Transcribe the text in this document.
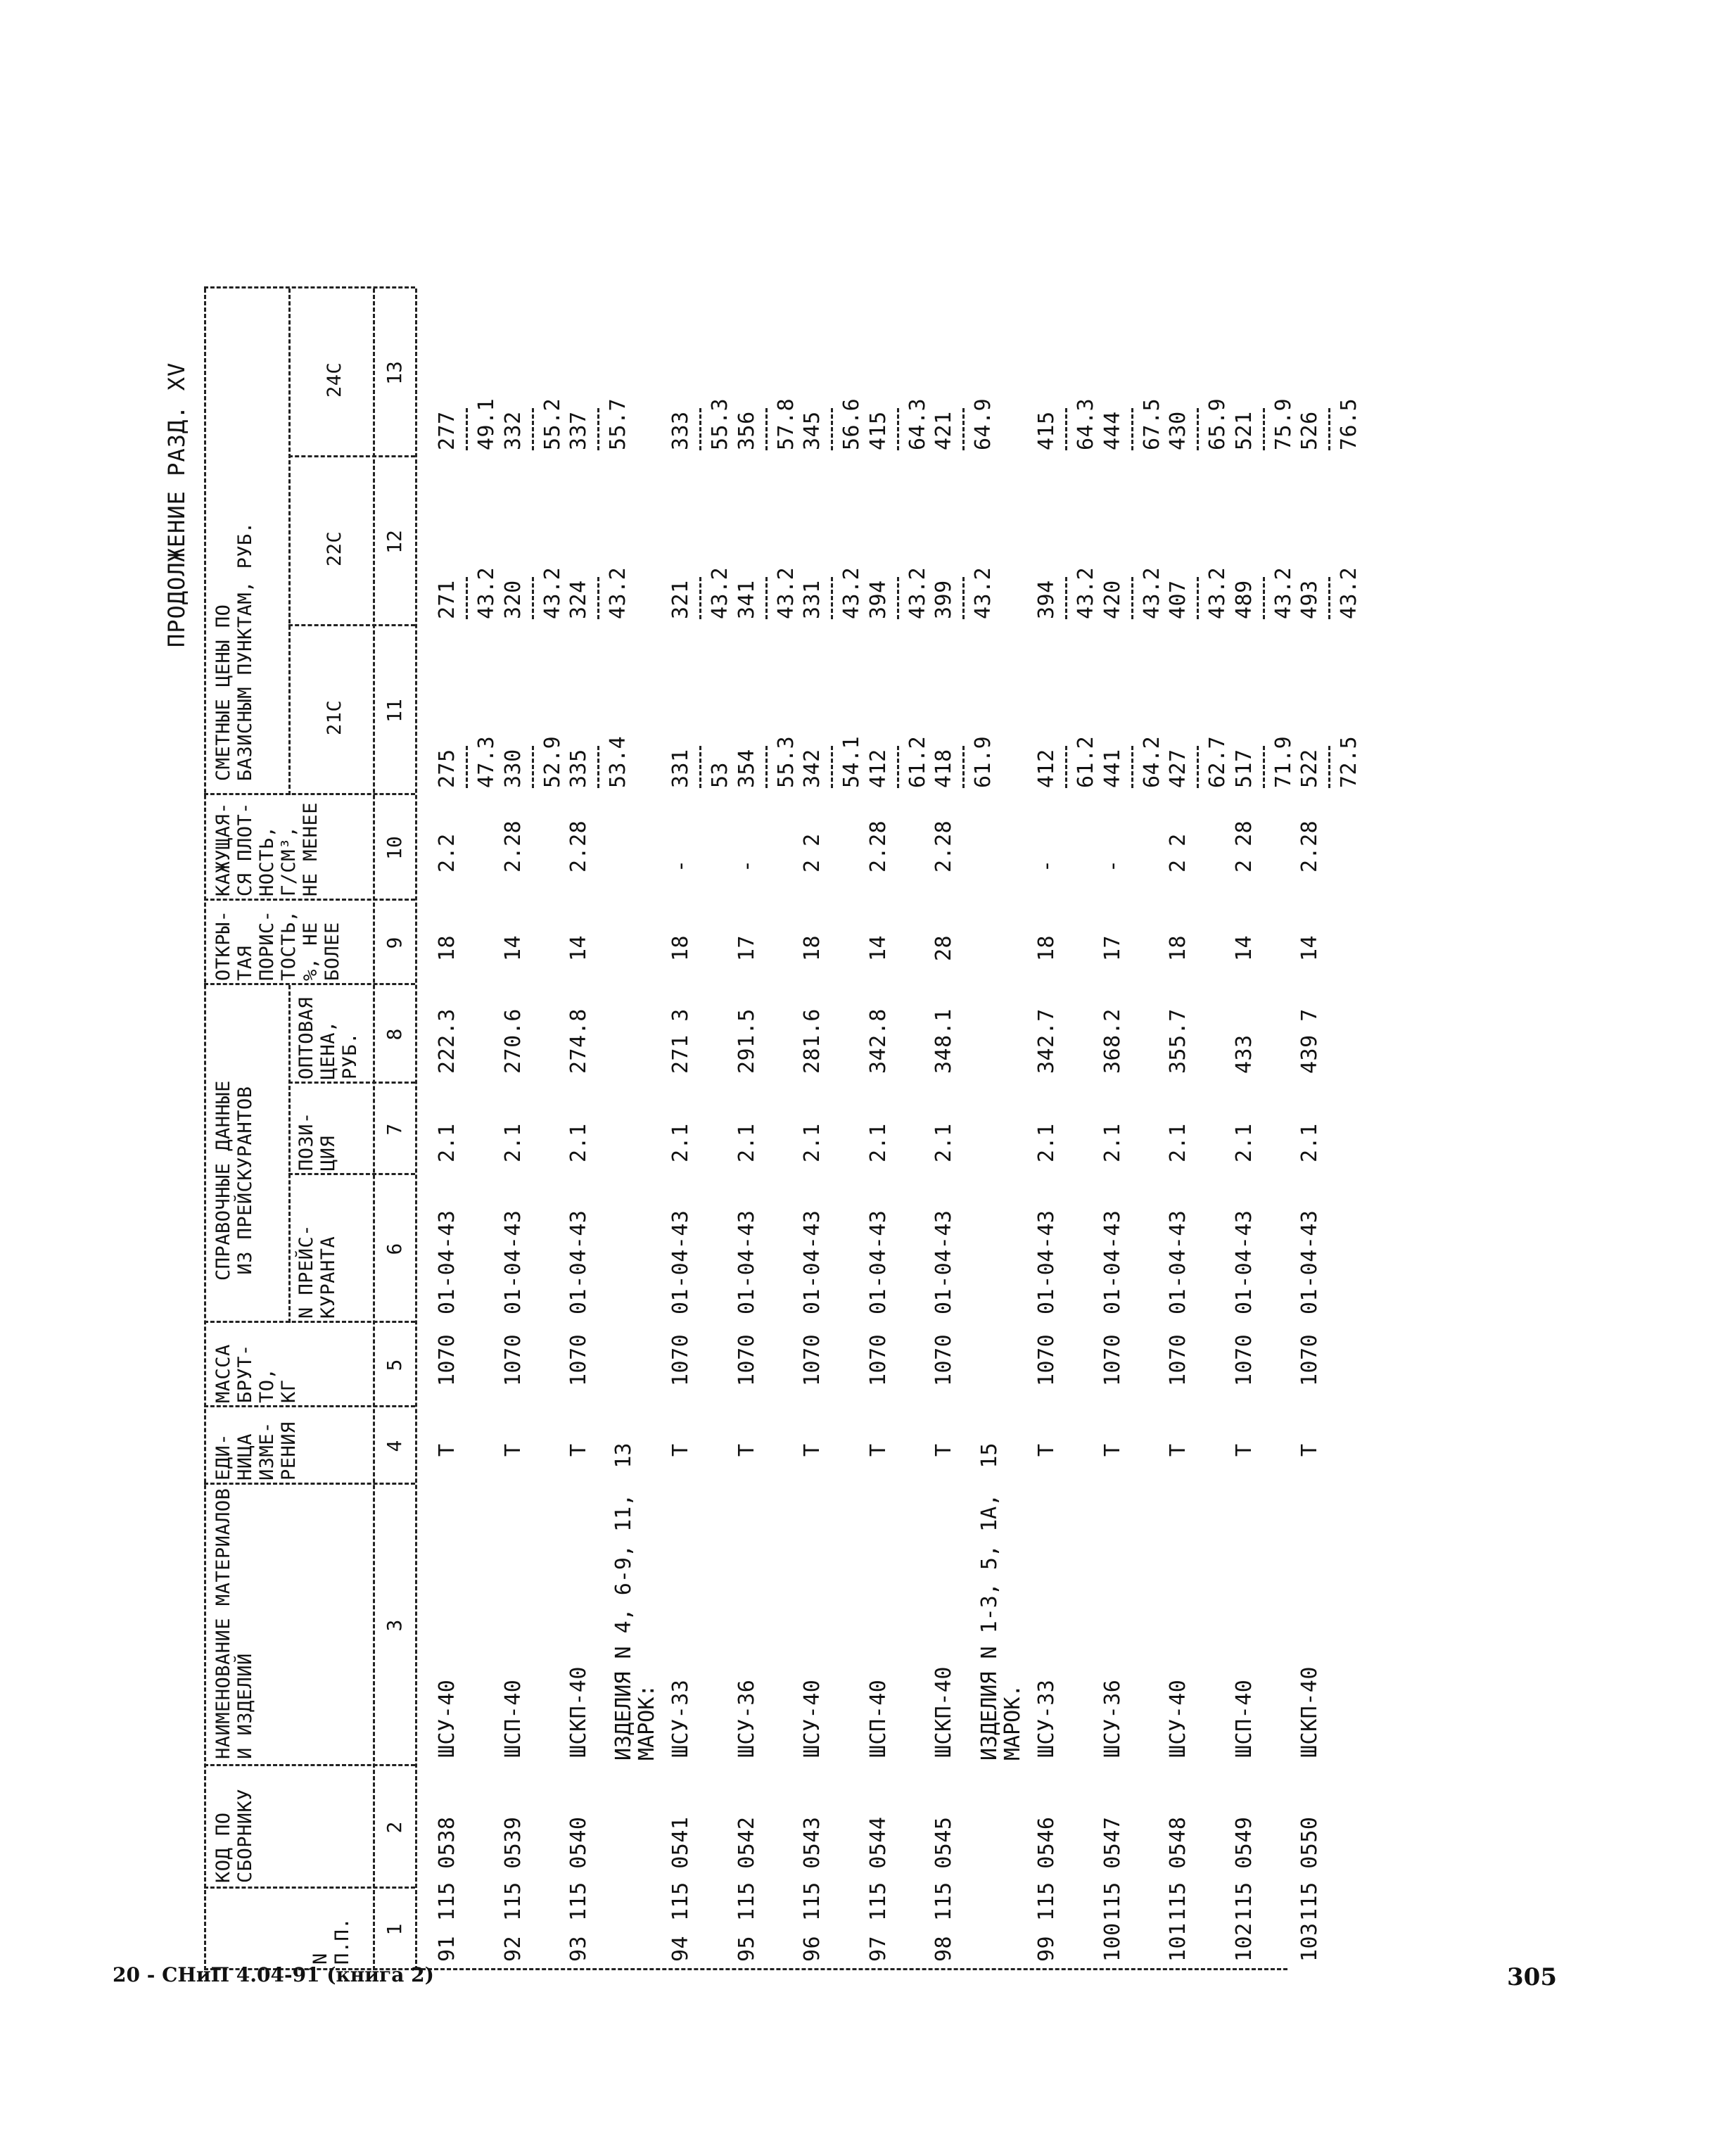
ПРОДОЛЖЕНИЕ РАЗД. XV
N
П.П.
КОД ПО
СБОРНИКУ
НАИМЕНОВАНИЕ МАТЕРИАЛОВ
И ИЗДЕЛИЙ
ЕДИ-
НИЦА
ИЗМЕ-
РЕНИЯ
МАССА
БРУТ-
ТО,
КГ
N ПРЕЙС-
КУРАНТА
ПОЗИ-
ЦИЯ
ОПТОВАЯ
ЦЕНА,
РУБ.
ОТКРЫ-
ТАЯ
ПОРИС-
ТОСТЬ,
%, НЕ
БОЛЕЕ
КАЖУЩАЯ-
СЯ ПЛОТ-
НОСТЬ,
Г/СМ³,
НЕ МЕНЕЕ
21С
22С
24С
СПРАВОЧНЫЕ ДАННЫЕ
ИЗ ПРЕЙСКУРАНТОВ
СМЕТНЫЕ ЦЕНЫ ПО
БАЗИСНЫМ ПУНКТАМ, РУБ.
1
2
3
4
5
6
7
8
9
10
11
12
13
ИЗДЕЛИЯ N 4, 6-9, 11,  13
МАРОК:	ИЗДЕЛИЯ N 1-3, 5, 1А,  15
МАРОК.
91
115 0538
ШСУ-40
Т
1070
01-04-43
2.1
222.3
18
2.2
275 47.3
271 43.2
277 49.1
92
115 0539
ШСП-40
Т
1070
01-04-43
2.1
270.6
14
2.28
330 52.9
320 43.2
332 55.2
93
115 0540
ШСКП-40
Т
1070
01-04-43
2.1
274.8
14
2.28
335 53.4
324 43.2
337 55.7
94
115 0541
ШСУ-33
Т
1070
01-04-43
2.1
271 3
18
-
331 53
321 43.2
333 55.3
95
115 0542
ШСУ-36
Т
1070
01-04-43
2.1
291.5
17
-
354 55.3
341 43.2
356 57.8
96
115 0543
ШСУ-40
Т
1070
01-04-43
2.1
281.6
18
2 2
342 54.1
331 43.2
345 56.6
97
115 0544
ШСП-40
Т
1070
01-04-43
2.1
342.8
14
2.28
412 61.2
394 43.2
415 64.3
98
115 0545
ШСКП-40
Т
1070
01-04-43
2.1
348.1
28
2.28
418 61.9
399 43.2
421 64.9
99
115 0546
ШСУ-33
Т
1070
01-04-43
2.1
342.7
18
-
412 61.2
394 43.2
415 64.3
100
115 0547
ШСУ-36
Т
1070
01-04-43
2.1
368.2
17
-
441 64.2
420 43.2
444 67.5
101
115 0548
ШСУ-40
Т
1070
01-04-43
2.1
355.7
18
2 2
427 62.7
407 43.2
430 65.9
102
115 0549
ШСП-40
Т
1070
01-04-43
2.1
433
14
2 28
517 71.9
489 43.2
521 75.9
103
115 0550
ШСКП-40
Т
1070
01-04-43
2.1
439 7
14
2.28
522 72.5
493 43.2
526 76.5
20 - СНиП 4.04-91 (книга 2)	305
